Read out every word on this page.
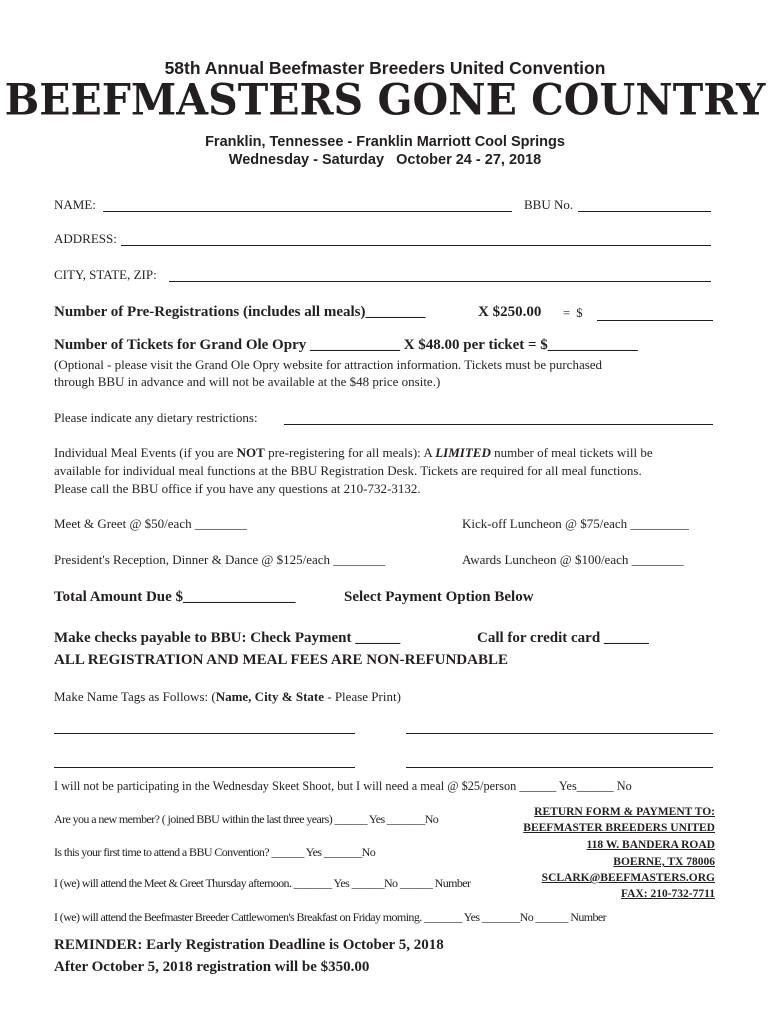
58th Annual Beefmaster Breeders United Convention
BEEFMASTERS GONE COUNTRY
Franklin, Tennessee - Franklin Marriott Cool Springs
Wednesday - Saturday   October 24 - 27, 2018
NAME:	BBU No.
ADDRESS:
CITY, STATE, ZIP:
Number of Pre-Registrations (includes all meals)________	X $250.00 =  $
Number of Tickets for Grand Ole Opry ____________ X $48.00 per ticket = $____________
(Optional - please visit the Grand Ole Opry website for attraction information. Tickets must be purchased
through BBU in advance and will not be available at the $48 price onsite.)
Please indicate any dietary restrictions:
Individual Meal Events (if you are NOT pre-registering for all meals): A LIMITED number of meal tickets will be
available for individual meal functions at the BBU Registration Desk. Tickets are required for all meal functions.
Please call the BBU office if you have any questions at 210-732-3132.
Meet & Greet @ $50/each ________	Kick-off Luncheon @ $75/each _________
President's Reception, Dinner & Dance @ $125/each ________	Awards Luncheon @ $100/each ________
Total Amount Due $_______________	Select Payment Option Below
Make checks payable to BBU: Check Payment ______	Call for credit card ______
ALL REGISTRATION AND MEAL FEES ARE NON-REFUNDABLE
Make Name Tags as Follows: (Name, City & State - Please Print)
I will not be participating in the Wednesday Skeet Shoot, but I will need a meal @ $25/person ______ Yes______ No
Are you a new member? ( joined BBU within the last three years) ______ Yes _______No
Is this your first time to attend a BBU Convention? ______ Yes _______No
I (we) will attend the Meet & Greet Thursday afternoon. _______ Yes ______No ______ Number
I (we) will attend the Beefmaster Breeder Cattlewomen's Breakfast on Friday morning. _______ Yes _______No ______ Number
RETURN FORM & PAYMENT TO:
BEEFMASTER BREEDERS UNITED
118 W. BANDERA ROAD
BOERNE, TX 78006
SCLARK@BEEFMASTERS.ORG
FAX: 210-732-7711
REMINDER: Early Registration Deadline is October 5, 2018
After October 5, 2018 registration will be $350.00
